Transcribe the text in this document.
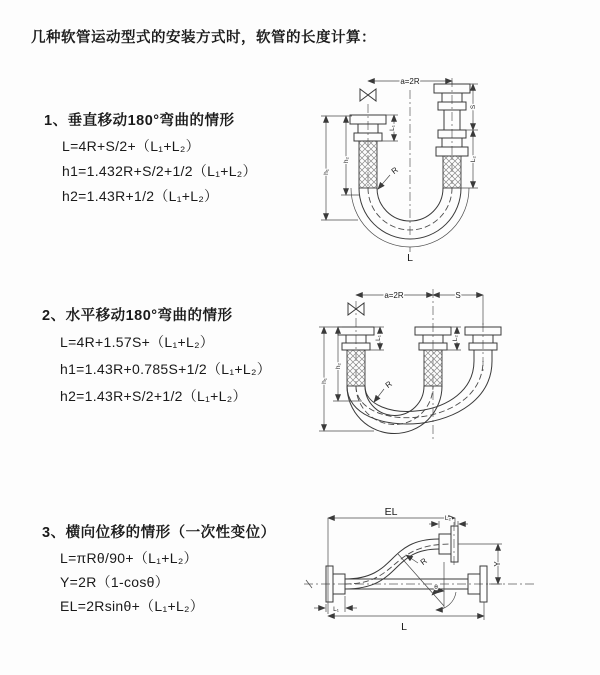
几种软管运动型式的安装方式时，软管的长度计算：
1、垂直移动180°弯曲的情形
L=4R+S/2+（L₁+L₂）
h1=1.432R+S/2+1/2（L₁+L₂）
h2=1.43R+1/2（L₁+L₂）
2、水平移动180°弯曲的情形
L=4R+1.57S+（L₁+L₂）
h1=1.43R+0.785S+1/2（L₁+L₂）
h2=1.43R+S/2+1/2（L₁+L₂）
3、横向位移的情形（一次性变位）
L=πRθ/90+（L₁+L₂）
Y=2R（1-cosθ）
EL=2Rsinθ+（L₁+L₂）
a=2R
h₁
h₂
L₁
S
L₂
R
L
a=2R	S
h₁
h₂
L₁	L₂
R
EL
L₂
Y
R
θ
L
L₁
